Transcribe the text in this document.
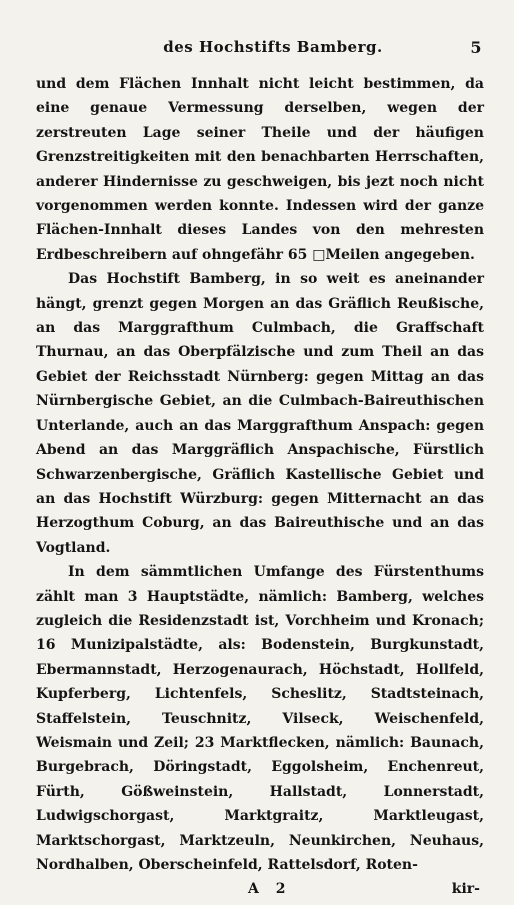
des Hochstifts Bamberg.	5

und dem Flächen Innhalt nicht leicht bestimmen, da eine genaue Vermessung derselben, wegen der zerstreuten Lage seiner Theile und der häufigen Grenzstreitigkeiten mit den benachbarten Herrschaften, anderer Hindernisse zu geschweigen, bis jezt noch nicht vorgenommen werden konnte. Indessen wird der ganze Flächen-Innhalt dieses Landes von den mehresten Erdbeschreibern auf ohngefähr 65 □Meilen angegeben.

Das Hochstift Bamberg, in so weit es aneinander hängt, grenzt gegen Morgen an das Gräflich Reußische, an das Marggrafthum Culmbach, die Graffschaft Thurnau, an das Oberpfälzische und zum Theil an das Gebiet der Reichsstadt Nürnberg: gegen Mittag an das Nürnbergische Gebiet, an die Culmbach-Baireuthischen Unterlande, auch an das Marggrafthum Anspach: gegen Abend an das Marggräflich Anspachische, Fürstlich Schwarzenbergische, Gräflich Kastellische Gebiet und an das Hochstift Würzburg: gegen Mitternacht an das Herzogthum Coburg, an das Baireuthische und an das Vogtland.

In dem sämmtlichen Umfange des Fürstenthums zählt man 3 Hauptstädte, nämlich: Bamberg, welches zugleich die Residenzstadt ist, Vorchheim und Kronach; 16 Munizipalstädte, als: Bodenstein, Burgkunstadt, Ebermannstadt, Herzogenaurach, Höchstadt, Hollfeld, Kupferberg, Lichtenfels, Scheslitz, Stadtsteinach, Staffelstein, Teuschnitz, Vilseck, Weischenfeld, Weismain und Zeil; 23 Marktflecken, nämlich: Baunach, Burgebrach, Döringstadt, Eggolsheim, Enchenreut, Fürth, Gößweinstein, Hallstadt, Lonnerstadt, Ludwigschorgast, Marktgraitz, Marktleugast, Marktschorgast, Marktzeuln, Neunkirchen, Neuhaus, Nordhalben, Oberscheinfeld, Rattelsdorf, Roten-

A 2	kir-
